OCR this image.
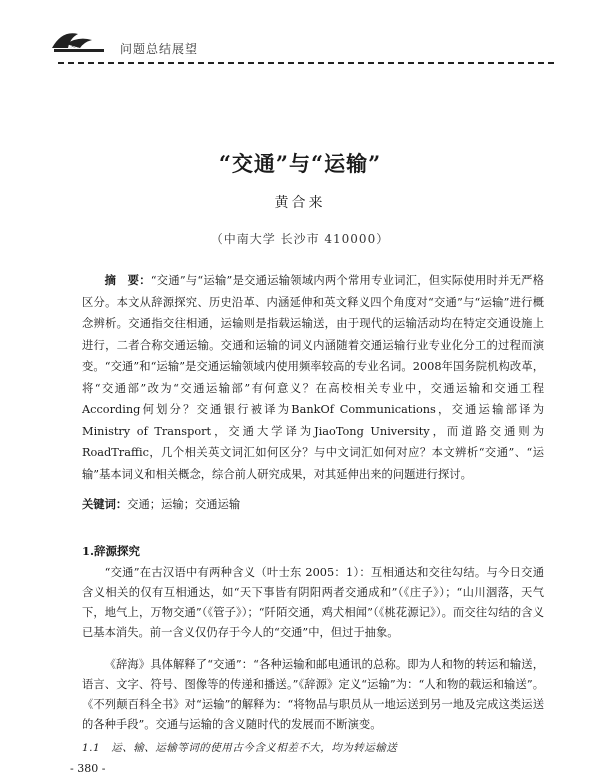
交通	问题总结展望
“交通”与“运输”
黄合来
（中南大学 长沙市 410000）
摘　要：“交通”与“运输”是交通运输领域内两个常用专业词汇，但实际使用时并无严格区分。本文从辞源探究、历史沿革、内涵延伸和英文释义四个角度对“交通”与“运输”进行概念辨析。交通指交往相通，运输则是指载运输送，由于现代的运输活动均在特定交通设施上进行，二者合称交通运输。交通和运输的词义内涵随着交通运输行业专业化分工的过程而演变。“交通”和“运输”是交通运输领域内使用频率较高的专业名词。2008年国务院机构改革，将“交通部”改为“交通运输部”有何意义？在高校相关专业中，交通运输和交通工程According何划分？交通银行被译为BankOf Communications，交通运输部译为Ministry of Transport，交通大学译为JiaoTong University，而道路交通则为RoadTraffic，几个相关英文词汇如何区分？与中文词汇如何对应？本文辨析“交通”、“运输”基本词义和相关概念，综合前人研究成果，对其延伸出来的问题进行探讨。
关键词：交通；运输；交通运输
1.辞源探究
“交通”在古汉语中有两种含义（叶士东 2005：1）：互相通达和交往勾结。与今日交通含义相关的仅有互相通达，如“天下事皆有阴阳两者交通成和”（《庄子》）；“山川涸落，天气下，地气上，万物交通”（《管子》）；“阡陌交通，鸡犬相闻”（《桃花源记》）。而交往勾结的含义已基本消失。前一含义仅仍存于今人的“交通”中，但过于抽象。
《辞海》具体解释了“交通”：“各种运输和邮电通讯的总称。即为人和物的转运和输送，语言、文字、符号、图像等的传递和播送。”《辞源》定义“运输”为：“人和物的载运和输送”。《不列颠百科全书》对“运输”的解释为：“将物品与职员从一地运送到另一地及完成这类运送的各种手段”。交通与运输的含义随时代的发展而不断演变。
1.1　运、输、运输等词的使用古今含义相差不大，均为转运输送
- 380 -
